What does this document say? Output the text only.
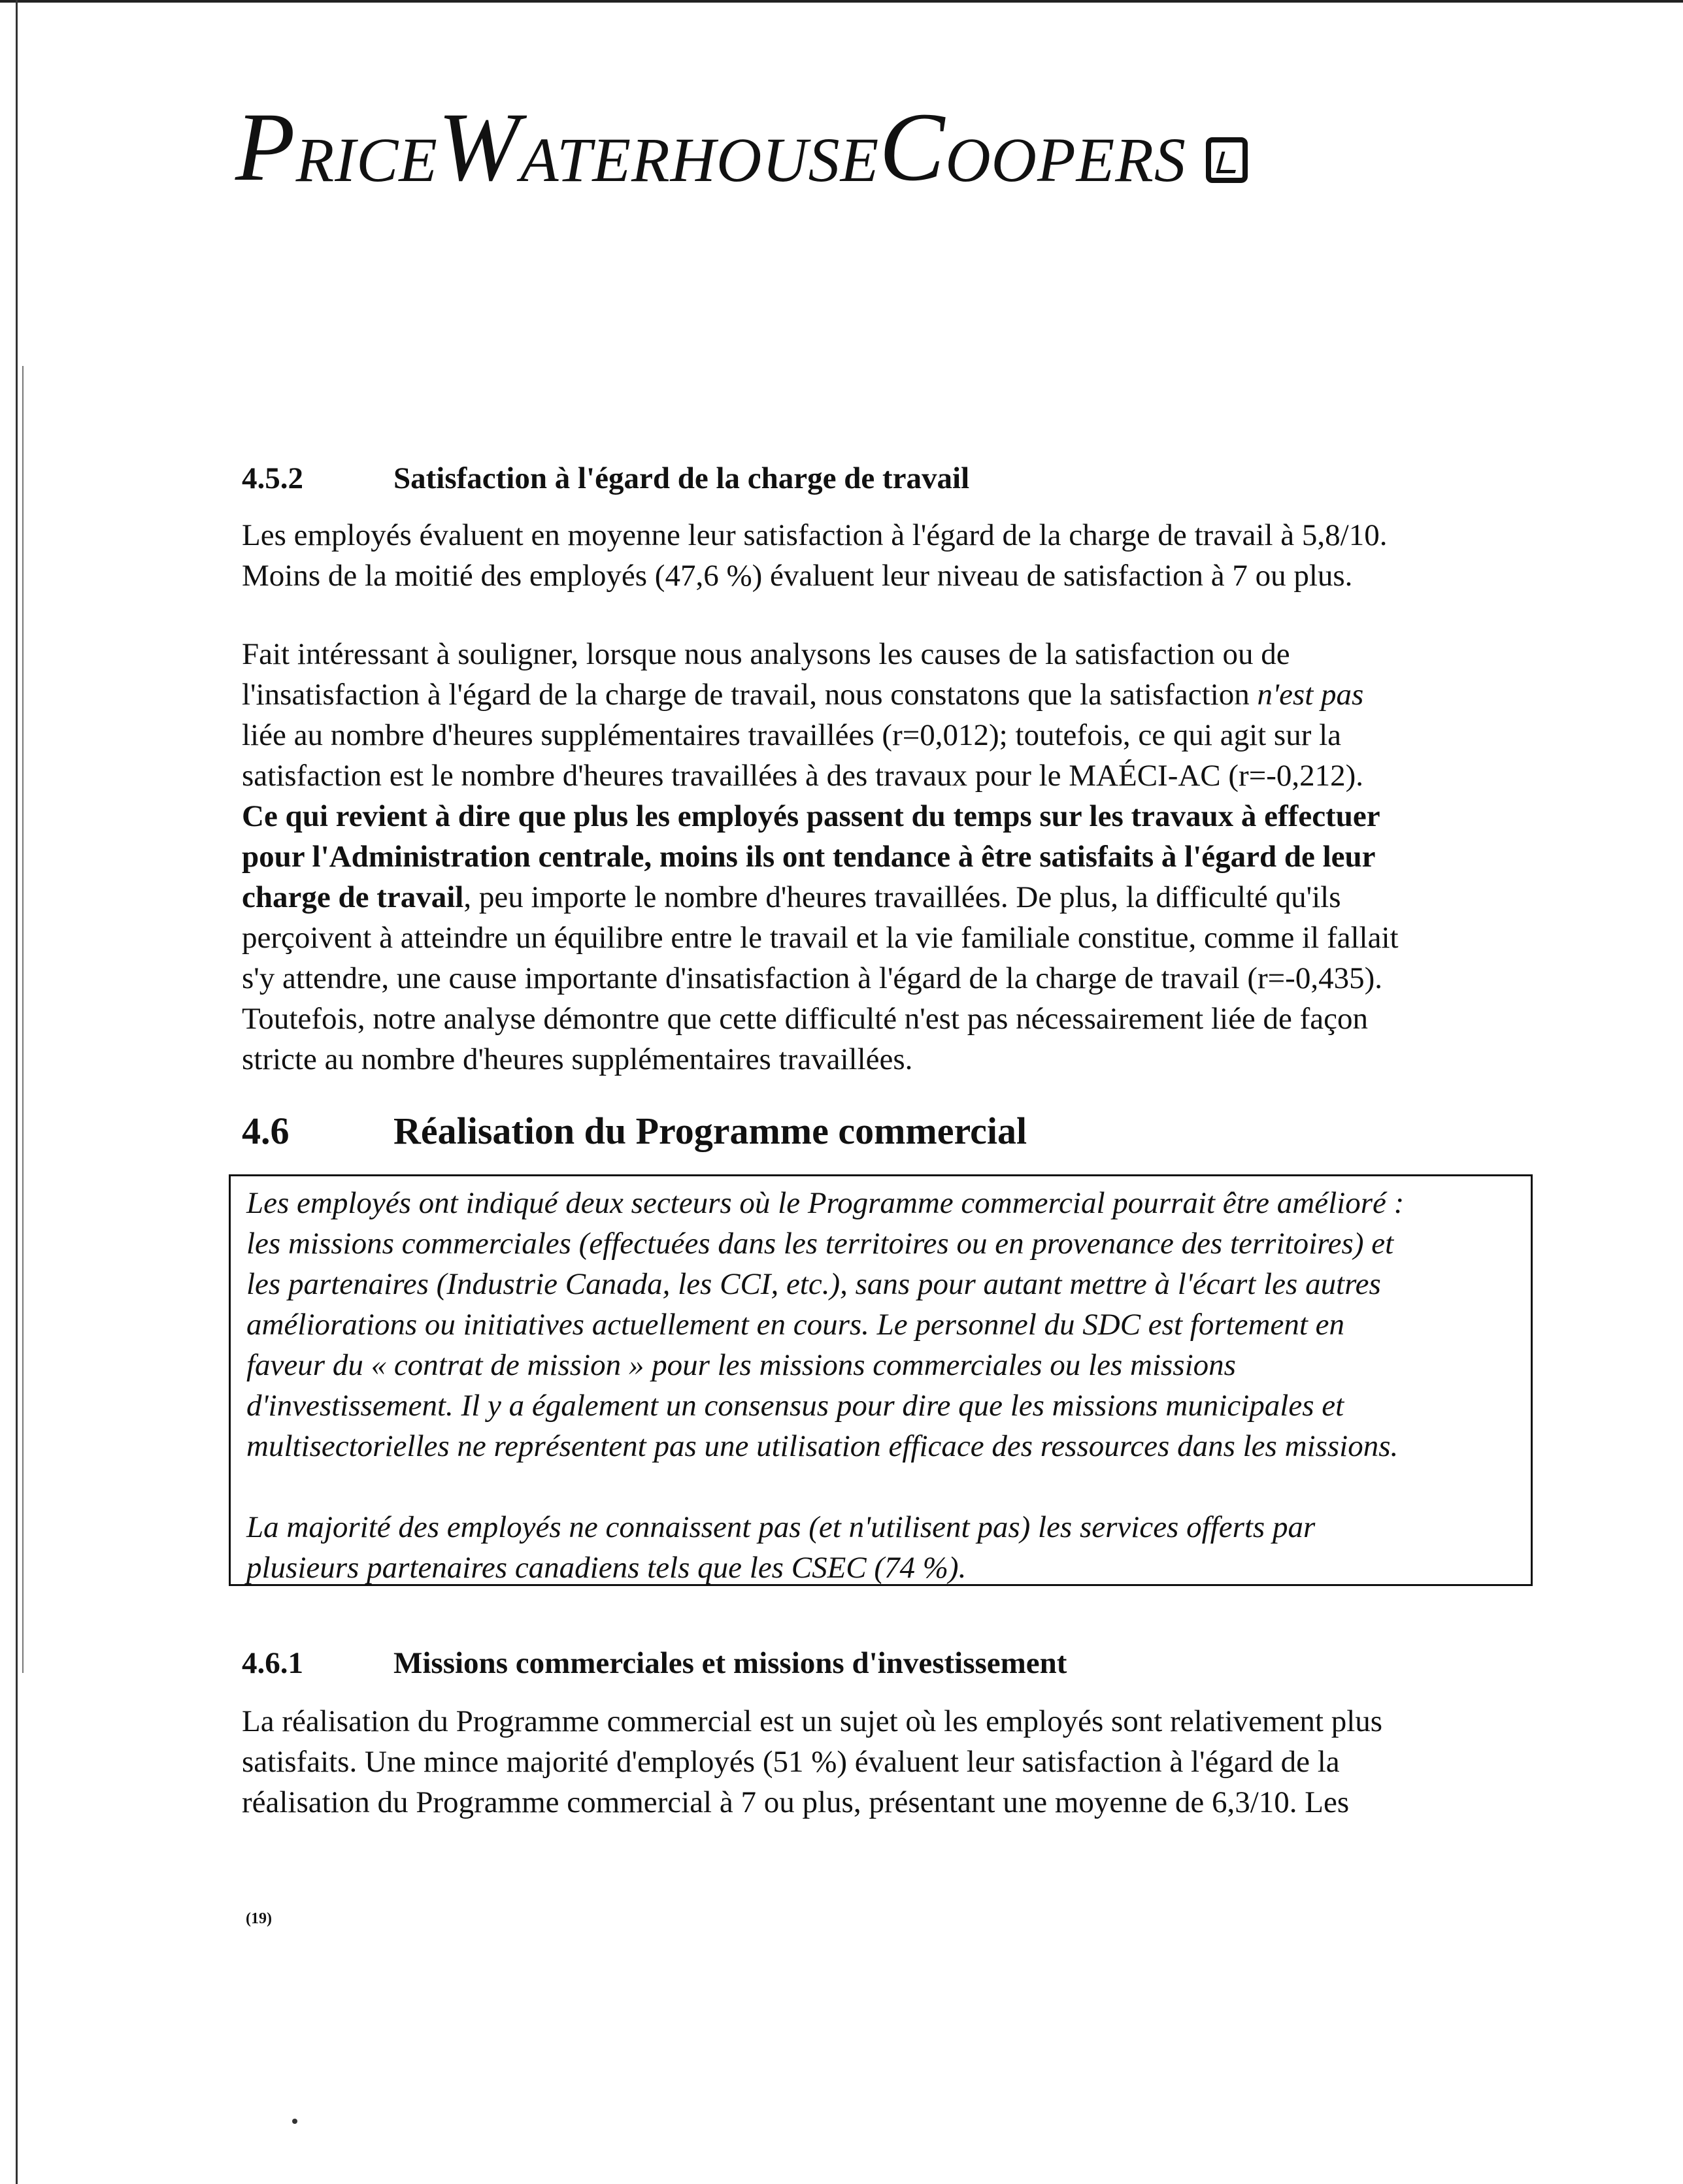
P RICE W ATERHOUSE C OOPERS
4.5.2	Satisfaction à l'égard de la charge de travail
Les employés évaluent en moyenne leur satisfaction à l'égard de la charge de travail à 5,8/10.
Moins de la moitié des employés (47,6 %) évaluent leur niveau de satisfaction à 7 ou plus.
Fait intéressant à souligner, lorsque nous analysons les causes de la satisfaction ou de
l'insatisfaction à l'égard de la charge de travail, nous constatons que la satisfaction n'est pas
liée au nombre d'heures supplémentaires travaillées (r=0,012); toutefois, ce qui agit sur la
satisfaction est le nombre d'heures travaillées à des travaux pour le MAÉCI-AC (r=-0,212).
Ce qui revient à dire que plus les employés passent du temps sur les travaux à effectuer
pour l'Administration centrale, moins ils ont tendance à être satisfaits à l'égard de leur
charge de travail, peu importe le nombre d'heures travaillées. De plus, la difficulté qu'ils
perçoivent à atteindre un équilibre entre le travail et la vie familiale constitue, comme il fallait
s'y attendre, une cause importante d'insatisfaction à l'égard de la charge de travail (r=-0,435).
Toutefois, notre analyse démontre que cette difficulté n'est pas nécessairement liée de façon
stricte au nombre d'heures supplémentaires travaillées.
4.6	Réalisation du Programme commercial
Les employés ont indiqué deux secteurs où le Programme commercial pourrait être amélioré :
les missions commerciales (effectuées dans les territoires ou en provenance des territoires) et
les partenaires (Industrie Canada, les CCI, etc.), sans pour autant mettre à l'écart les autres
améliorations ou initiatives actuellement en cours. Le personnel du SDC est fortement en
faveur du « contrat de mission » pour les missions commerciales ou les missions
d'investissement. Il y a également un consensus pour dire que les missions municipales et
multisectorielles ne représentent pas une utilisation efficace des ressources dans les missions.
La majorité des employés ne connaissent pas (et n'utilisent pas) les services offerts par
plusieurs partenaires canadiens tels que les CSEC (74 %).
4.6.1	Missions commerciales et missions d'investissement
La réalisation du Programme commercial est un sujet où les employés sont relativement plus
satisfaits. Une mince majorité d'employés (51 %) évaluent leur satisfaction à l'égard de la
réalisation du Programme commercial à 7 ou plus, présentant une moyenne de 6,3/10. Les
(19)
